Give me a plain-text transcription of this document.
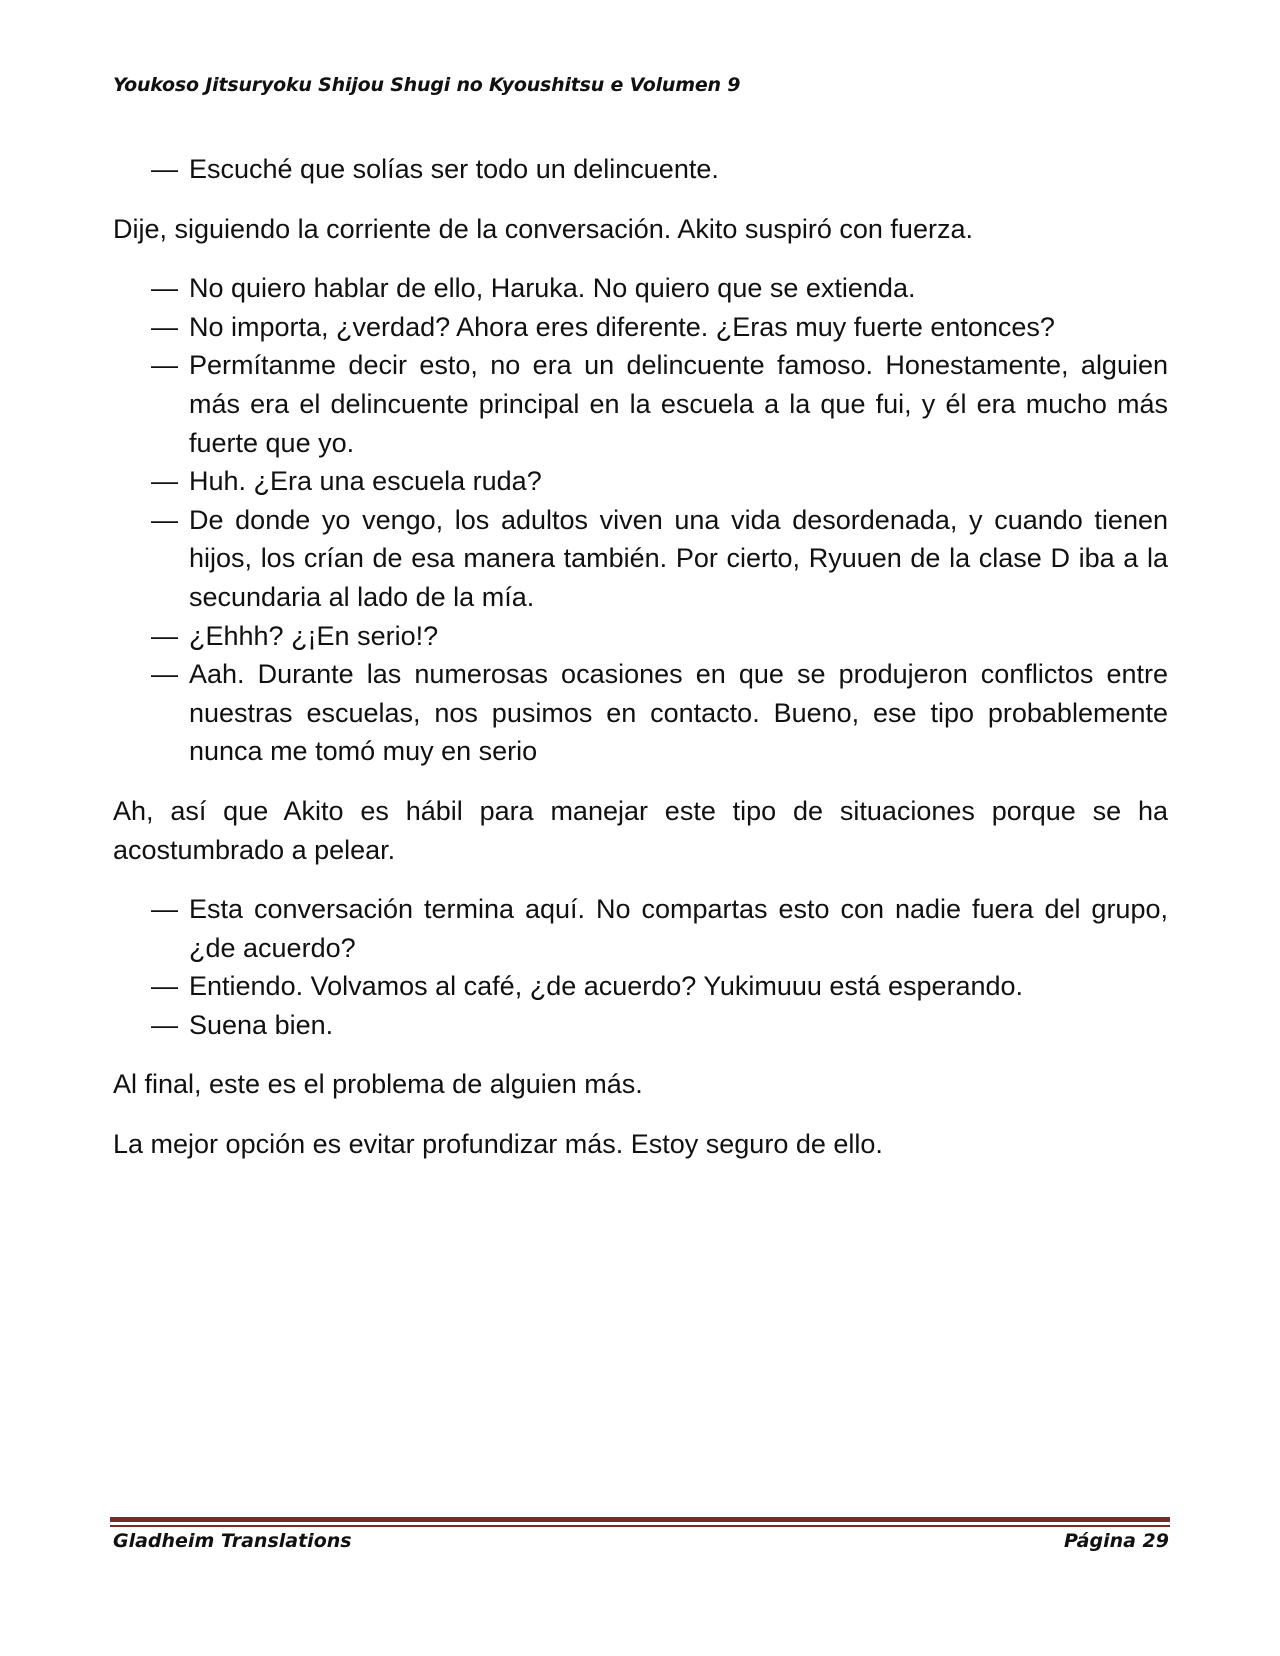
Youkoso Jitsuryoku Shijou Shugi no Kyoushitsu e Volumen 9
— Escuché que solías ser todo un delincuente.

Dije, siguiendo la corriente de la conversación. Akito suspiró con fuerza.

— No quiero hablar de ello, Haruka. No quiero que se extienda.
— No importa, ¿verdad? Ahora eres diferente. ¿Eras muy fuerte entonces?
— Permítanme decir esto, no era un delincuente famoso. Honestamente, alguien más era el delincuente principal en la escuela a la que fui, y él era mucho más fuerte que yo.
— Huh. ¿Era una escuela ruda?
— De donde yo vengo, los adultos viven una vida desordenada, y cuando tienen hijos, los crían de esa manera también. Por cierto, Ryuuen de la clase D iba a la secundaria al lado de la mía.
— ¿Ehhh? ¿¡En serio!?
— Aah. Durante las numerosas ocasiones en que se produjeron conflictos entre nuestras escuelas, nos pusimos en contacto. Bueno, ese tipo probablemente nunca me tomó muy en serio

Ah, así que Akito es hábil para manejar este tipo de situaciones porque se ha acostumbrado a pelear.

— Esta conversación termina aquí. No compartas esto con nadie fuera del grupo, ¿de acuerdo?
— Entiendo. Volvamos al café, ¿de acuerdo? Yukimuuu está esperando.
— Suena bien.

Al final, este es el problema de alguien más.

La mejor opción es evitar profundizar más. Estoy seguro de ello.

Gladheim Translations	Página 29
